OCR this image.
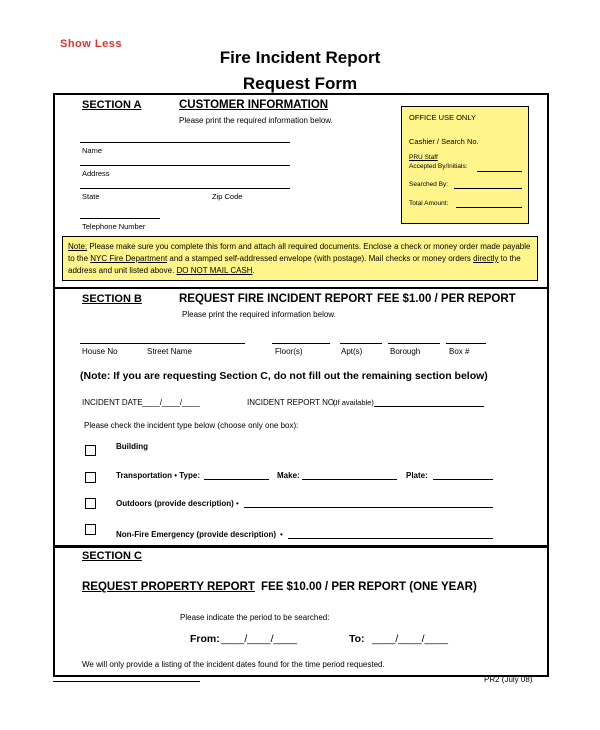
Show Less
Fire Incident Report
Request Form
SECTION A	CUSTOMER INFORMATION
Please print the required information below.
Name
Address
State	Zip Code
Telephone Number
OFFICE USE ONLY
Cashier / Search No.
PRU Staff
Accepted By/Initials:
Searched By:
Total Amount:
Note: Please make sure you complete this form and attach all required documents. Enclose a check or money order made payable to the NYC Fire Department and a stamped self-addressed envelope (with postage). Mail checks or money orders directly to the address and unit listed above. DO NOT MAIL CASH.
SECTION B	REQUEST FIRE INCIDENT REPORT FEE $1.00 / PER REPORT
Please print the required information below.
House No	Street Name	Floor(s)	Apt(s)	Borough	Box #
(Note: If you are requesting Section C, do not fill out the remaining section below)
INCIDENT DATE ____/____/____	INCIDENT REPORT NO.
(If available)
Please check the incident type below (choose only one box):
Building
Transportation • Type:	Make:	Plate:
Outdoors (provide description) •
Non-Fire Emergency (provide description) •
SECTION C
REQUEST PROPERTY REPORT FEE $10.00 / PER REPORT (ONE YEAR)
Please indicate the period to be searched:
From: ____/____/____	To: ____/____/____
We will only provide a listing of the incident dates found for the time period requested.
PR2 (July 08)
